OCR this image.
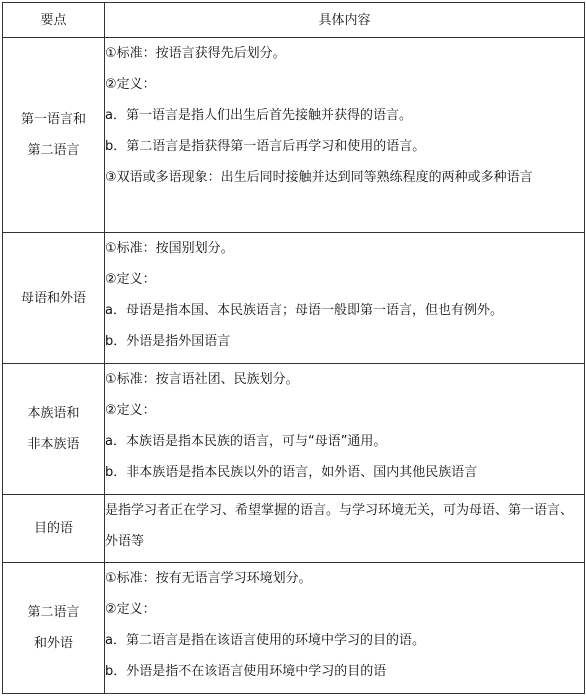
要点	具体内容

第一语言和
第二语言	①标准：按语言获得先后划分。
②定义：
a．第一语言是指人们出生后首先接触并获得的语言。
b．第二语言是指获得第一语言后再学习和使用的语言。
③双语或多语现象：出生后同时接触并达到同等熟练程度的两种或多种语言

母语和外语	①标准：按国别划分。
②定义：
a．母语是指本国、本民族语言；母语一般即第一语言，但也有例外。
b．外语是指外国语言

本族语和
非本族语	①标准：按言语社团、民族划分。
②定义：
a．本族语是指本民族的语言，可与“母语”通用。
b．非本族语是指本民族以外的语言，如外语、国内其他民族语言

目的语	是指学习者正在学习、希望掌握的语言。与学习环境无关，可为母语、第一语言、外语等

第二语言
和外语	①标准：按有无语言学习环境划分。
②定义：
a．第二语言是指在该语言使用的环境中学习的目的语。
b．外语是指不在该语言使用环境中学习的目的语
